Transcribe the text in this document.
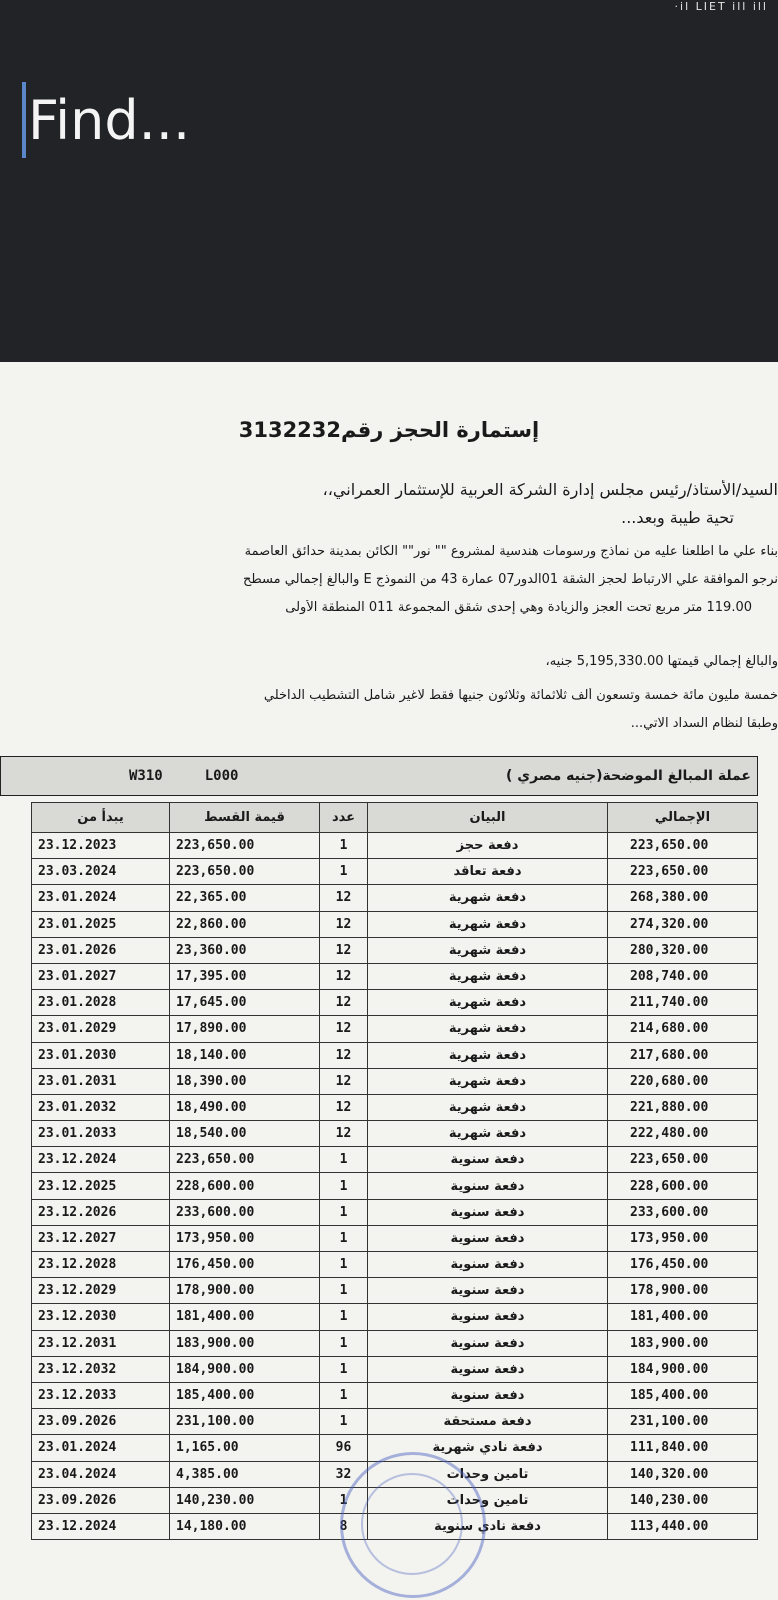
·il LIET ill ill
Find...
إستمارة الحجز رقم3132232
السيد/الأستاذ/رئيس مجلس إدارة الشركة العربية للإستثمار العمراني،،
تحية طيبة وبعد...
بناء علي ما اطلعنا عليه من نماذج ورسومات هندسية لمشروع "" نور"" الكائن بمدينة حدائق العاصمة
نرجو الموافقة علي الارتباط لحجز الشقة 01الدور07 عمارة 43 من النموذج E والبالغ إجمالي مسطح
119.00 متر مربع تحت العجز والزيادة وهي إحدى شقق المجموعة 011 المنطقة الأولى
والبالغ إجمالي قيمتها 5,195,330.00 جنيه،
خمسة مليون مائة خمسة وتسعون ألف ثلاثمائة وثلاثون جنيها فقط لاغير شامل التشطيب الداخلي
وطبقا لنظام السداد الاتي...
عملة المبالغ الموضحة(جنيه مصري )
W310	L000
يبدأ من	قيمة القسط	عدد	البيان	الإجمالي
23.12.2023	223,650.00	1	دفعة حجز	223,650.00
23.03.2024	223,650.00	1	دفعة تعاقد	223,650.00
23.01.2024	22,365.00	12	دفعة شهرية	268,380.00
23.01.2025	22,860.00	12	دفعة شهرية	274,320.00
23.01.2026	23,360.00	12	دفعة شهرية	280,320.00
23.01.2027	17,395.00	12	دفعة شهرية	208,740.00
23.01.2028	17,645.00	12	دفعة شهرية	211,740.00
23.01.2029	17,890.00	12	دفعة شهرية	214,680.00
23.01.2030	18,140.00	12	دفعة شهرية	217,680.00
23.01.2031	18,390.00	12	دفعة شهرية	220,680.00
23.01.2032	18,490.00	12	دفعة شهرية	221,880.00
23.01.2033	18,540.00	12	دفعة شهرية	222,480.00
23.12.2024	223,650.00	1	دفعة سنوية	223,650.00
23.12.2025	228,600.00	1	دفعة سنوية	228,600.00
23.12.2026	233,600.00	1	دفعة سنوية	233,600.00
23.12.2027	173,950.00	1	دفعة سنوية	173,950.00
23.12.2028	176,450.00	1	دفعة سنوية	176,450.00
23.12.2029	178,900.00	1	دفعة سنوية	178,900.00
23.12.2030	181,400.00	1	دفعة سنوية	181,400.00
23.12.2031	183,900.00	1	دفعة سنوية	183,900.00
23.12.2032	184,900.00	1	دفعة سنوية	184,900.00
23.12.2033	185,400.00	1	دفعة سنوية	185,400.00
23.09.2026	231,100.00	1	دفعة مستحقة	231,100.00
23.01.2024	1,165.00	96	دفعة نادي شهرية	111,840.00
23.04.2024	4,385.00	32	تامين وحدات	140,320.00
23.09.2026	140,230.00	1	تامين وحدات	140,230.00
23.12.2024	14,180.00	8	دفعة نادي سنوية	113,440.00
